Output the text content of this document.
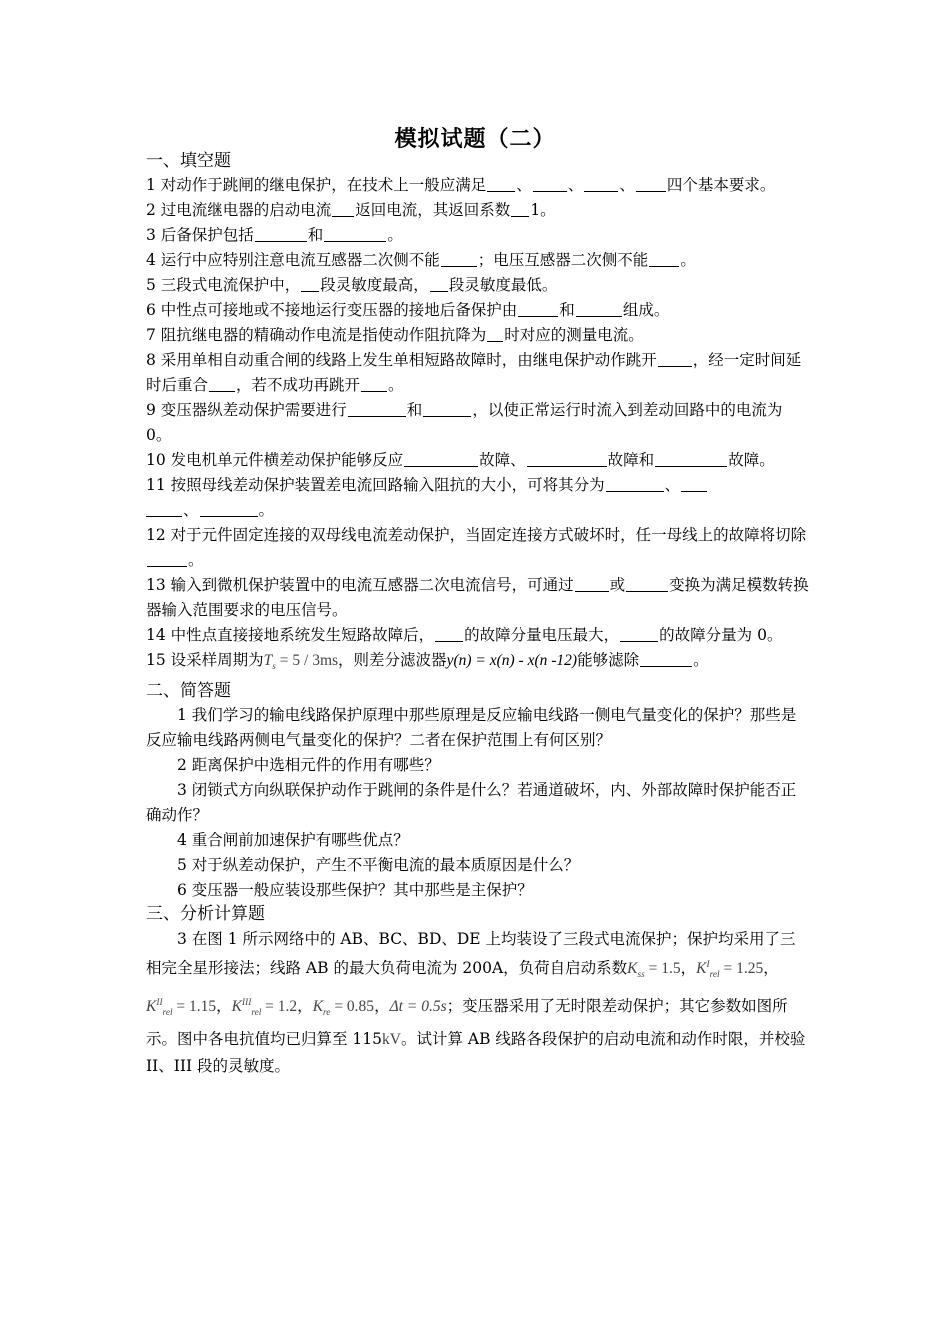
模拟试题（二）

一、填空题

1 对动作于跳闸的继电保护，在技术上一般应满足 、 、 、 四个基本要求。

2 过电流继电器的启动电流 返回电流，其返回系数 1。

3 后备保护包括	和	。

4 运行中应特别注意电流互感器二次侧不能 ；电压互感器二次侧不能 。

5 三段式电流保护中， 段灵敏度最高， 段灵敏度最低。

6 中性点可接地或不接地运行变压器的接地后备保护由	和	组成。

7 阻抗继电器的精确动作电流是指使动作阻抗降为 时对应的测量电流。

8 采用单相自动重合闸的线路上发生单相短路故障时，由继电保护动作跳开 ，经一定时间延时后重合 ，若不成功再跳开 。

9 变压器纵差动保护需要进行	和	，以使正常运行时流入到差动回路中的电流为 0。

10 发电机单元件横差动保护能够反应	故障、	故障和	故障。

11 按照母线差动保护装置差电流回路输入阻抗的大小，可将其分为	、
、	。

12 对于元件固定连接的双母线电流差动保护，当固定连接方式破坏时，任一母线上的故障将切除。

13 输入到微机保护装置中的电流互感器二次电流信号，可通过 或	变换为满足模数转换器输入范围要求的电压信号。

14 中性点直接接地系统发生短路故障后， 的故障分量电压最大，	的故障分量为 0。

15 设采样周期为$T_s = 5 / 3ms$，则差分滤波器y(n) = x(n) - x(n -12)能够滤除	。

二、简答题

1 我们学习的输电线路保护原理中那些原理是反应输电线路一侧电气量变化的保护？那些是反应输电线路两侧电气量变化的保护？二者在保护范围上有何区别？

2 距离保护中选相元件的作用有哪些？

3 闭锁式方向纵联保护动作于跳闸的条件是什么？若通道破坏，内、外部故障时保护能否正确动作？

4 重合闸前加速保护有哪些优点？

5 对于纵差动保护，产生不平衡电流的最本质原因是什么？

6 变压器一般应装设那些保护？其中那些是主保护？

三、分析计算题

3 在图 1 所示网络中的 AB、BC、BD、DE 上均装设了三段式电流保护；保护均采用了三相完全星形接法；线路 AB 的最大负荷电流为 200A，负荷自启动系数$K_{ss} = 1.5$，$K^I_{rel} = 1.25$，
$K^{II}_{rel} = 1.15$，$K^{III}_{rel} = 1.2$，$K_{re} = 0.85$，Δt = 0.5s；变压器采用了无时限差动保护；其它参数如图所示。图中各电抗值均已归算至 115kV。试计算 AB 线路各段保护的启动电流和动作时限，并校验 II、III 段的灵敏度。
